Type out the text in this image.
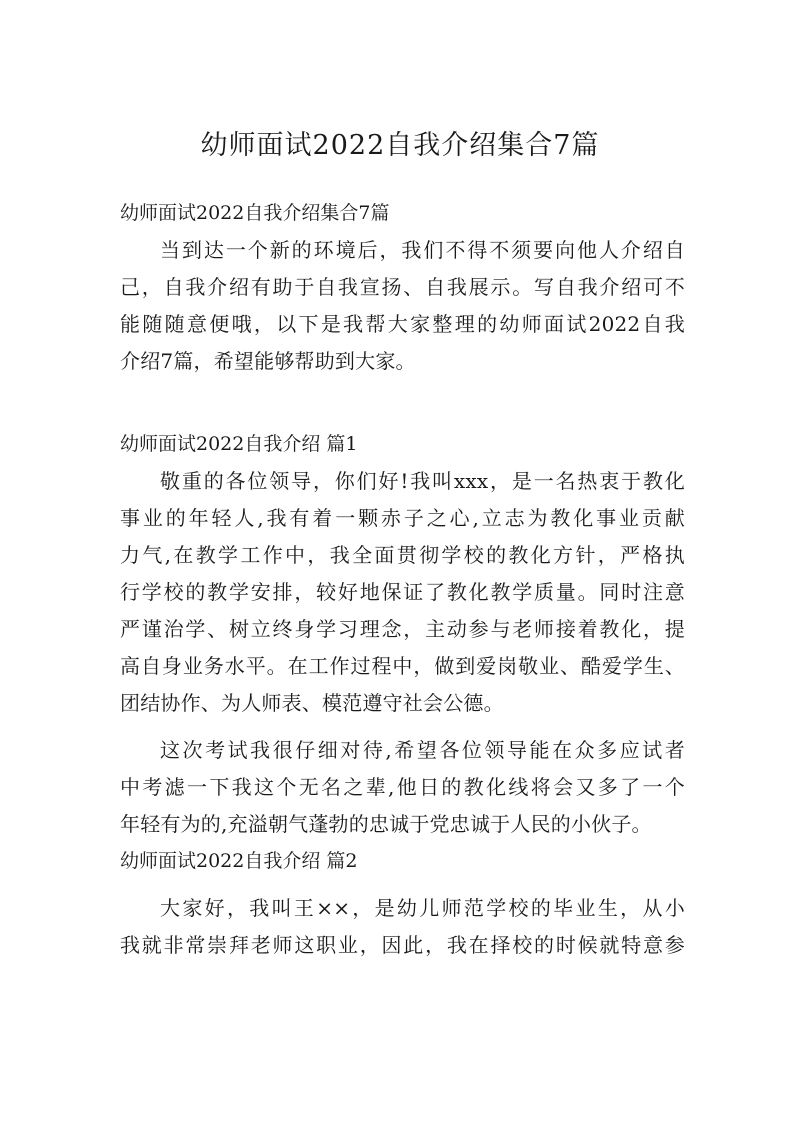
幼师面试2022自我介绍集合7篇
幼师面试2022自我介绍集合7篇
当到达一个新的环境后，我们不得不须要向他人介绍自
己，自我介绍有助于自我宣扬、自我展示。写自我介绍可不
能随随意便哦，以下是我帮大家整理的幼师面试2022自我
介绍7篇，希望能够帮助到大家。
幼师面试2022自我介绍 篇1
敬重的各位领导，你们好!我叫xxx，是一名热衷于教化
事业的年轻人,我有着一颗赤子之心,立志为教化事业贡献
力气,在教学工作中，我全面贯彻学校的教化方针，严格执
行学校的教学安排，较好地保证了教化教学质量。同时注意
严谨治学、树立终身学习理念，主动参与老师接着教化，提
高自身业务水平。在工作过程中，做到爱岗敬业、酷爱学生、
团结协作、为人师表、模范遵守社会公德。
这次考试我很仔细对待,希望各位领导能在众多应试者
中考滤一下我这个无名之辈,他日的教化线将会又多了一个
年轻有为的,充溢朝气蓬勃的忠诚于党忠诚于人民的小伙子。
幼师面试2022自我介绍 篇2
大家好，我叫王××，是幼儿师范学校的毕业生，从小
我就非常崇拜老师这职业，因此，我在择校的时候就特意参
